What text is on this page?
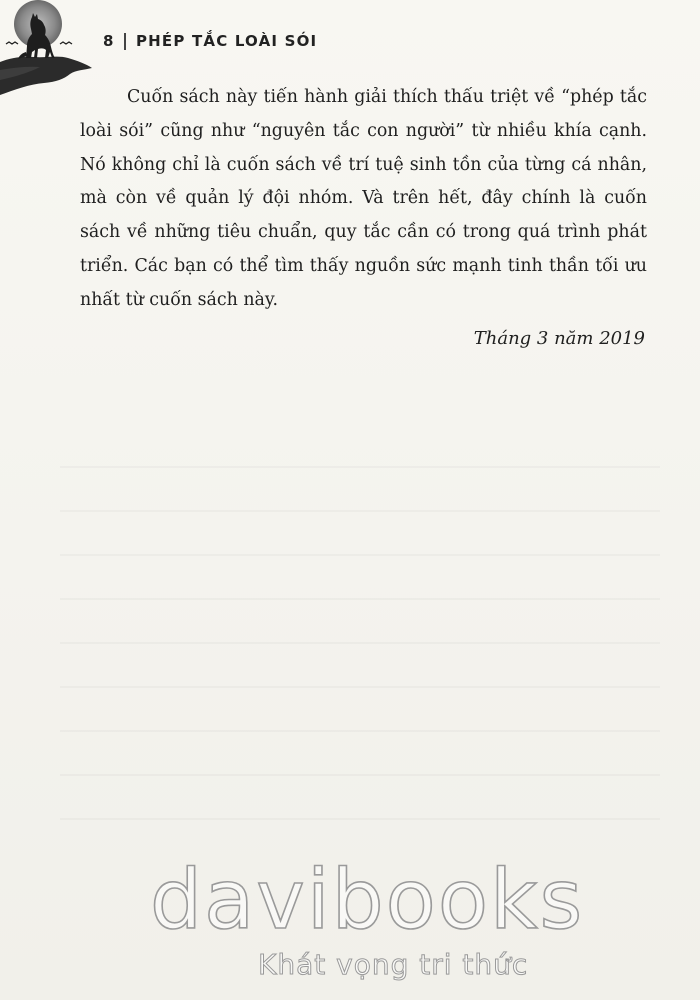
8 PHÉP TẮC LOÀI SÓI

Cuốn sách này tiến hành giải thích thấu triệt về “phép tắc loài sói” cũng như “nguyên tắc con người” từ nhiều khía cạnh. Nó không chỉ là cuốn sách về trí tuệ sinh tồn của từng cá nhân, mà còn về quản lý đội nhóm. Và trên hết, đây chính là cuốn sách về những tiêu chuẩn, quy tắc cần có trong quá trình phát triển. Các bạn có thể tìm thấy nguồn sức mạnh tinh thần tối ưu nhất từ cuốn sách này.

Tháng 3 năm 2019
davibooks
Khát vọng tri thức
